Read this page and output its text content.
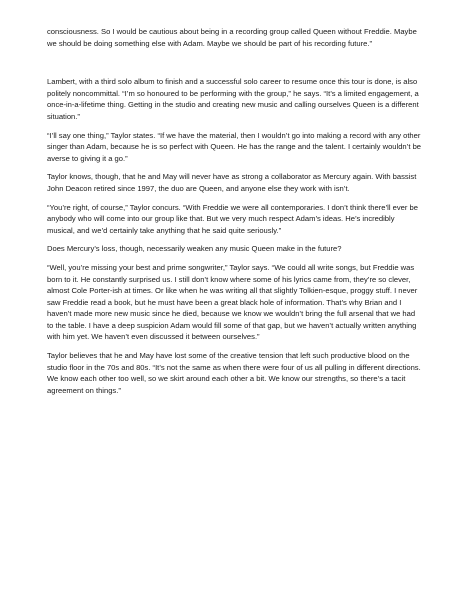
consciousness. So I would be cautious about being in a recording group called Queen without Freddie. Maybe we should be doing something else with Adam. Maybe we should be part of his recording future.”

Lambert, with a third solo album to finish and a successful solo career to resume once this tour is done, is also politely noncommittal. “I’m so honoured to be performing with the group,” he says. “It’s a limited engagement, a once-in-a-lifetime thing. Getting in the studio and creating new music and calling ourselves Queen is a different situation.”

“I’ll say one thing,” Taylor states. “If we have the material, then I wouldn’t go into making a record with any other singer than Adam, because he is so perfect with Queen. He has the range and the talent. I certainly wouldn’t be averse to giving it a go.”

Taylor knows, though, that he and May will never have as strong a collaborator as Mercury again. With bassist John Deacon retired since 1997, the duo are Queen, and anyone else they work with isn’t.

“You’re right, of course,” Taylor concurs. “With Freddie we were all contemporaries. I don’t think there’ll ever be anybody who will come into our group like that. But we very much respect Adam’s ideas. He’s incredibly musical, and we’d certainly take anything that he said quite seriously.”

Does Mercury’s loss, though, necessarily weaken any music Queen make in the future?

“Well, you’re missing your best and prime songwriter,” Taylor says. “We could all write songs, but Freddie was born to it. He constantly surprised us. I still don’t know where some of his lyrics came from, they’re so clever, almost Cole Porter-ish at times. Or like when he was writing all that slightly Tolkien-esque, proggy stuff. I never saw Freddie read a book, but he must have been a great black hole of information. That’s why Brian and I haven’t made more new music since he died, because we know we wouldn’t bring the full arsenal that we had to the table. I have a deep suspicion Adam would fill some of that gap, but we haven’t actually written anything with him yet. We haven’t even discussed it between ourselves.”

Taylor believes that he and May have lost some of the creative tension that left such productive blood on the studio floor in the 70s and 80s. “It’s not the same as when there were four of us all pulling in different directions. We know each other too well, so we skirt around each other a bit. We know our strengths, so there’s a tacit agreement on things.”
